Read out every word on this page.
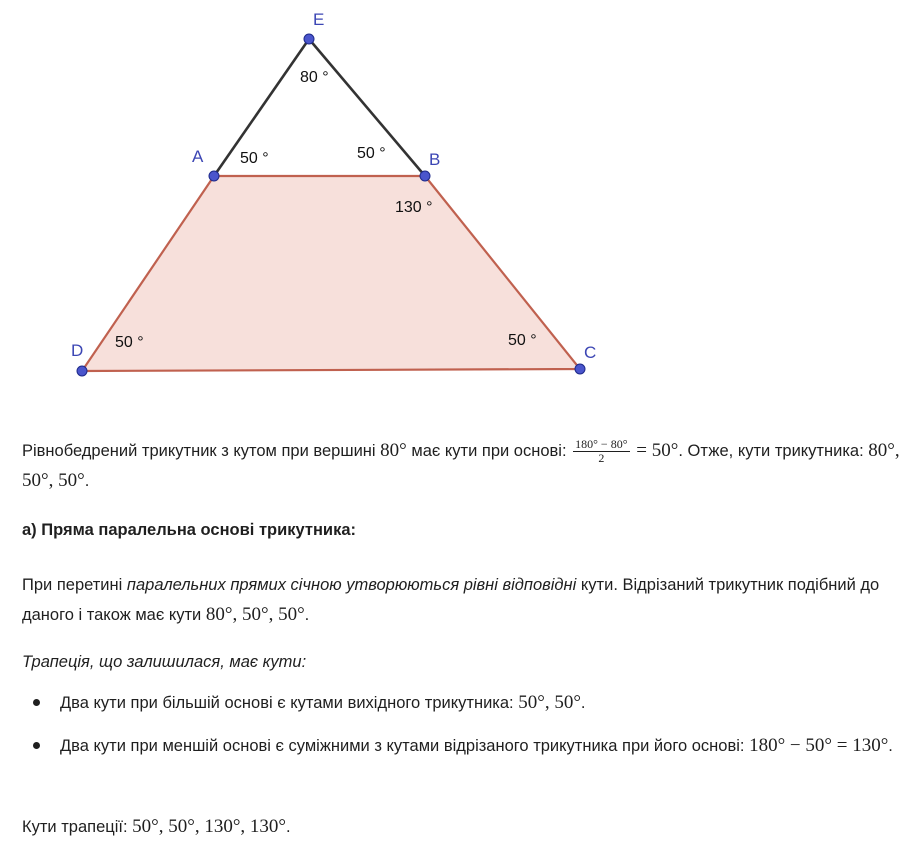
E
A	B
C
D
80 °
50 °	50 °
130 °
50 °	50 °

Рівнобедрений трикутник з кутом при вершині 80° має кути при основі: $\frac{180^\circ - 80^\circ}{2} = 50^\circ$. Отже, кути трикутника: 80°, 50°, 50°.

а) Пряма паралельна основі трикутника:

При перетині паралельних прямих січною утворюються рівні відповідні кути. Відрізаний трикутник подібний до даного і також має кути 80°, 50°, 50°.

Трапеція, що залишилася, має кути:

Два кути при більшій основі є кутами вихідного трикутника: 50°, 50°.
Два кути при меншій основі є суміжними з кутами відрізаного трикутника при його основі: 180° − 50° = 130°.

Кути трапеції: 50°, 50°, 130°, 130°.
